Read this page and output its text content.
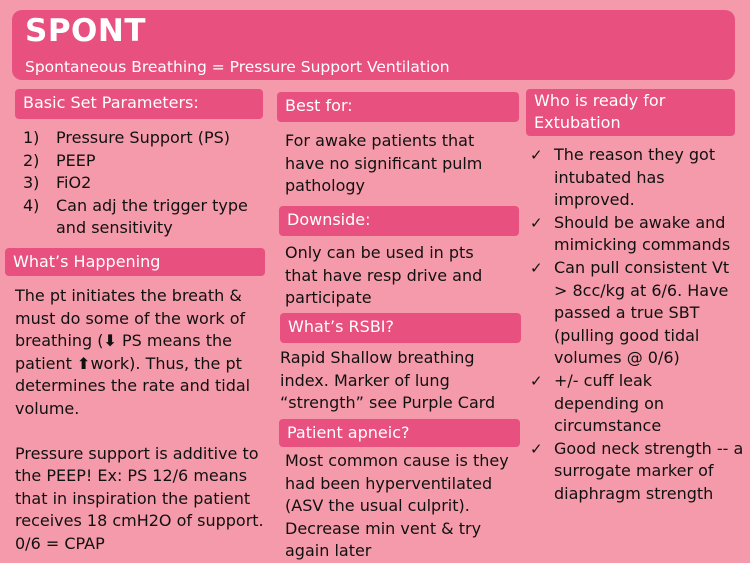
SPONT
Spontaneous Breathing = Pressure Support Ventilation
Basic Set Parameters:
1) Pressure Support (PS)
2) PEEP
3) FiO2
4) Can adj the trigger type and sensitivity
What’s Happening

The pt initiates the breath & must do some of the work of breathing (⬇ PS means the patient ⬆work). Thus, the pt determines the rate and tidal volume.

Pressure support is additive to the PEEP! Ex: PS 12/6 means that in inspiration the patient receives 18 cmH2O of support. 0/6 = CPAP

Best for:
For awake patients that have no significant pulm pathology
Downside:
Only can be used in pts that have resp drive and participate
What’s RSBI?
Rapid Shallow breathing index. Marker of lung “strength” see Purple Card
Patient apneic?
Most common cause is they had been hyperventilated (ASV the usual culprit). Decrease min vent & try again later
Who is ready for Extubation
✓ The reason they got intubated has improved.
✓ Should be awake and mimicking commands
✓ Can pull consistent Vt > 8cc/kg at 6/6. Have passed a true SBT (pulling good tidal volumes @ 0/6)
✓ +/- cuff leak depending on circumstance
✓ Good neck strength -- a surrogate marker of diaphragm strength
